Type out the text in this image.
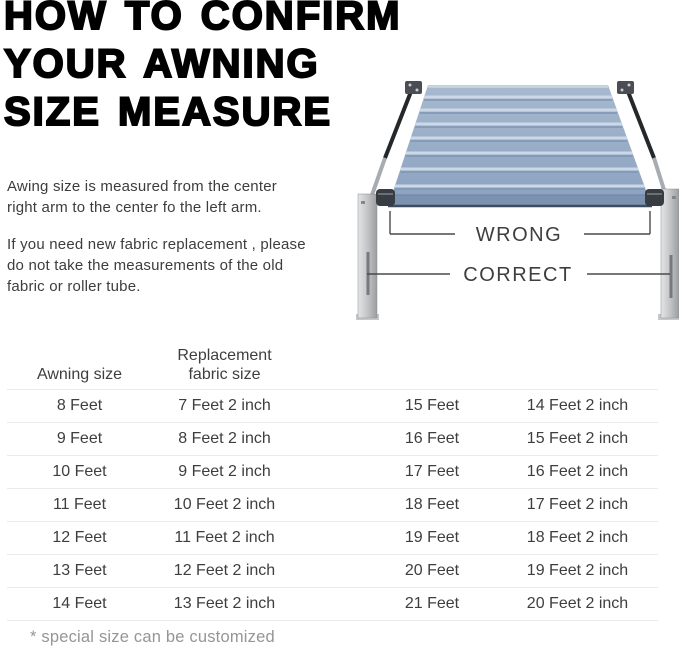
HOW TO CONFIRM
YOUR AWNING
SIZE MEASURE

Awing size is measured from the center right arm to the center fo the left arm.

If you need new fabric replacement , please do not take the measurements of the old fabric or roller tube.

WRONG
CORRECT
Awning size
Replacement fabric size
8 Feet	7 Feet 2 inch	15 Feet	14 Feet 2 inch
9 Feet	8 Feet 2 inch	16 Feet	15 Feet 2 inch
10 Feet	9 Feet 2 inch	17 Feet	16 Feet 2 inch
11 Feet	10 Feet 2 inch	18 Feet	17 Feet 2 inch
12 Feet	11 Feet 2 inch	19 Feet	18 Feet 2 inch
13 Feet	12 Feet 2 inch	20 Feet	19 Feet 2 inch
14 Feet	13 Feet 2 inch	21 Feet	20 Feet 2 inch
* special size can be customized
